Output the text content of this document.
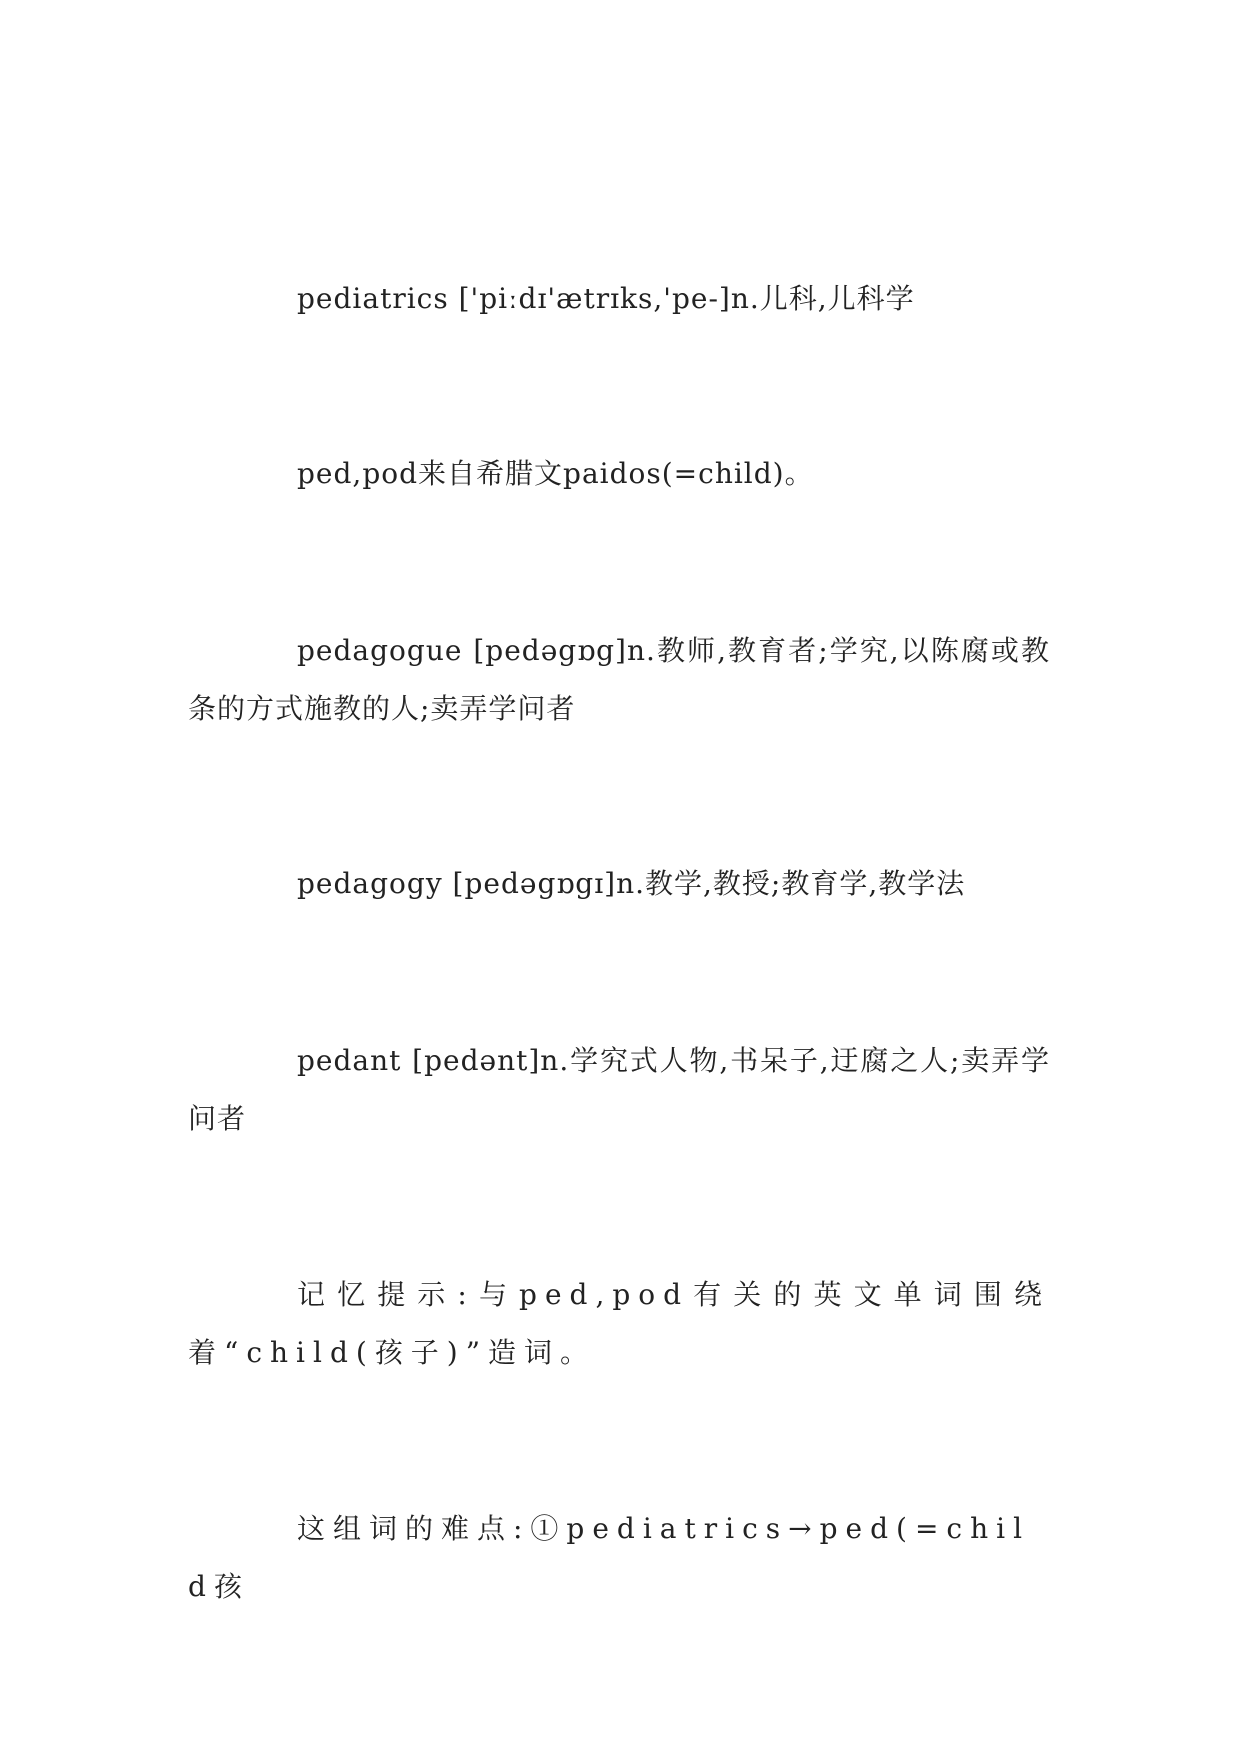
pediatrics ['piːdɪ'ætrɪks,'pe-]n.儿科,儿科学

ped,pod来自希腊文paidos(=child)。

pedagogue [pedəgɒg]n.教师,教育者;学究,以陈腐或教条的方式施教的人;卖弄学问者

pedagogy [pedəgɒgɪ]n.教学,教授;教育学,教学法

pedant [pedənt]n.学究式人物,书呆子,迂腐之人;卖弄学问者

记忆提示:与ped,pod有关的英文单词围绕着“child(孩子)”造词。

这组词的难点:①pediatrics→ped(=child孩
